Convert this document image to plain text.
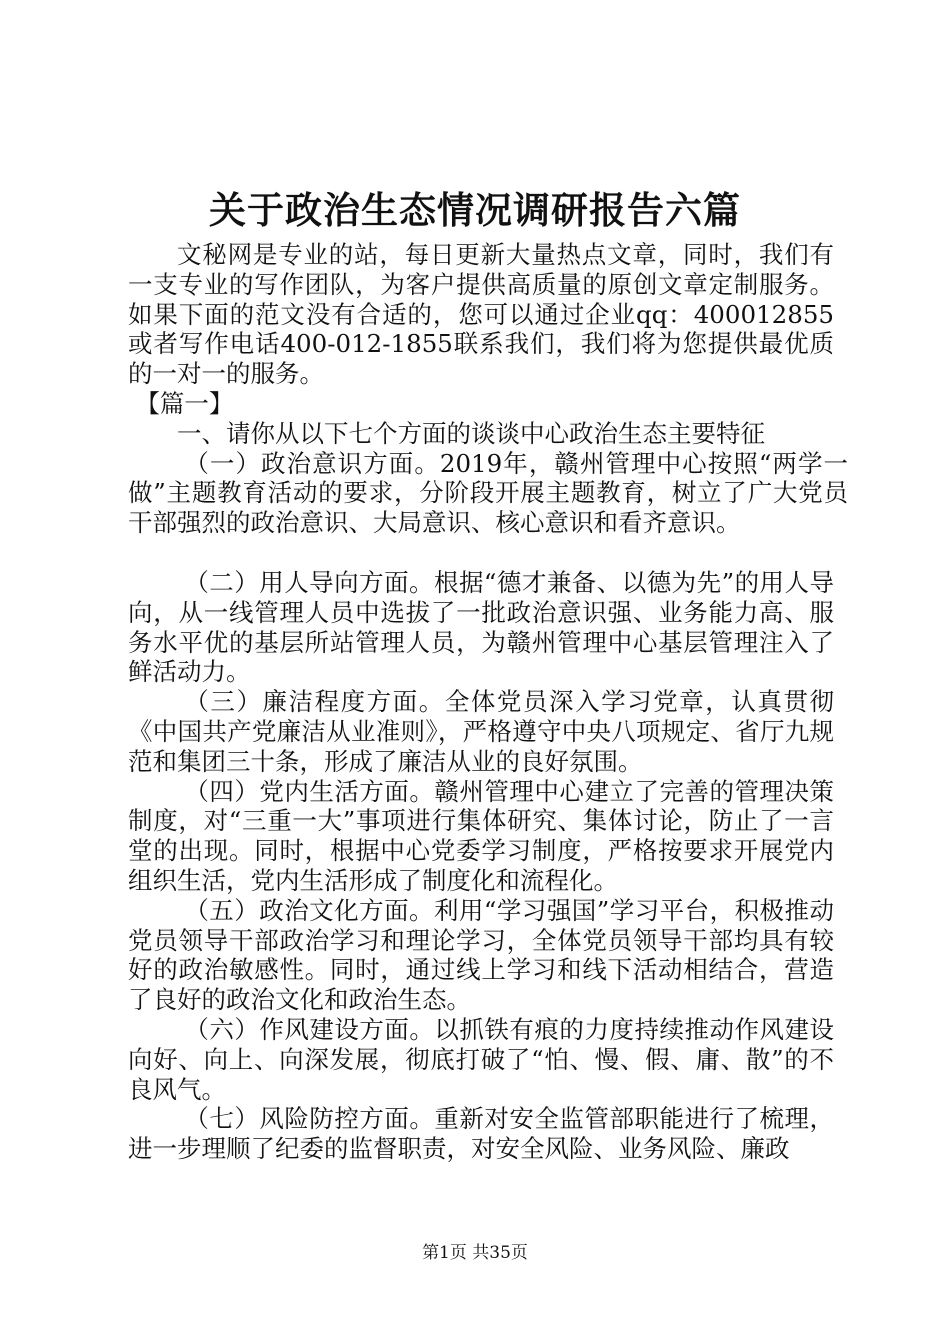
关于政治生态情况调研报告六篇

文秘网是专业的站，每日更新大量热点文章，同时，我们有一支专业的写作团队，为客户提供高质量的原创文章定制服务。如果下面的范文没有合适的，您可以通过企业qq：400012855或者写作电话400-012-1855联系我们，我们将为您提供最优质的一对一的服务。

【篇一】

一、请你从以下七个方面的谈谈中心政治生态主要特征

（一）政治意识方面。2019年，赣州管理中心按照“两学一做”主题教育活动的要求，分阶段开展主题教育，树立了广大党员干部强烈的政治意识、大局意识、核心意识和看齐意识。

（二）用人导向方面。根据“德才兼备、以德为先”的用人导向，从一线管理人员中选拔了一批政治意识强、业务能力高、服务水平优的基层所站管理人员，为赣州管理中心基层管理注入了鲜活动力。

（三）廉洁程度方面。全体党员深入学习党章，认真贯彻《中国共产党廉洁从业准则》，严格遵守中央八项规定、省厅九规范和集团三十条，形成了廉洁从业的良好氛围。

（四）党内生活方面。赣州管理中心建立了完善的管理决策制度，对“三重一大”事项进行集体研究、集体讨论，防止了一言堂的出现。同时，根据中心党委学习制度，严格按要求开展党内组织生活，党内生活形成了制度化和流程化。

（五）政治文化方面。利用“学习强国”学习平台，积极推动党员领导干部政治学习和理论学习，全体党员领导干部均具有较好的政治敏感性。同时，通过线上学习和线下活动相结合，营造了良好的政治文化和政治生态。

（六）作风建设方面。以抓铁有痕的力度持续推动作风建设向好、向上、向深发展，彻底打破了“怕、慢、假、庸、散”的不良风气。

（七）风险防控方面。重新对安全监管部职能进行了梳理，进一步理顺了纪委的监督职责，对安全风险、业务风险、廉政

第1页 共35页
